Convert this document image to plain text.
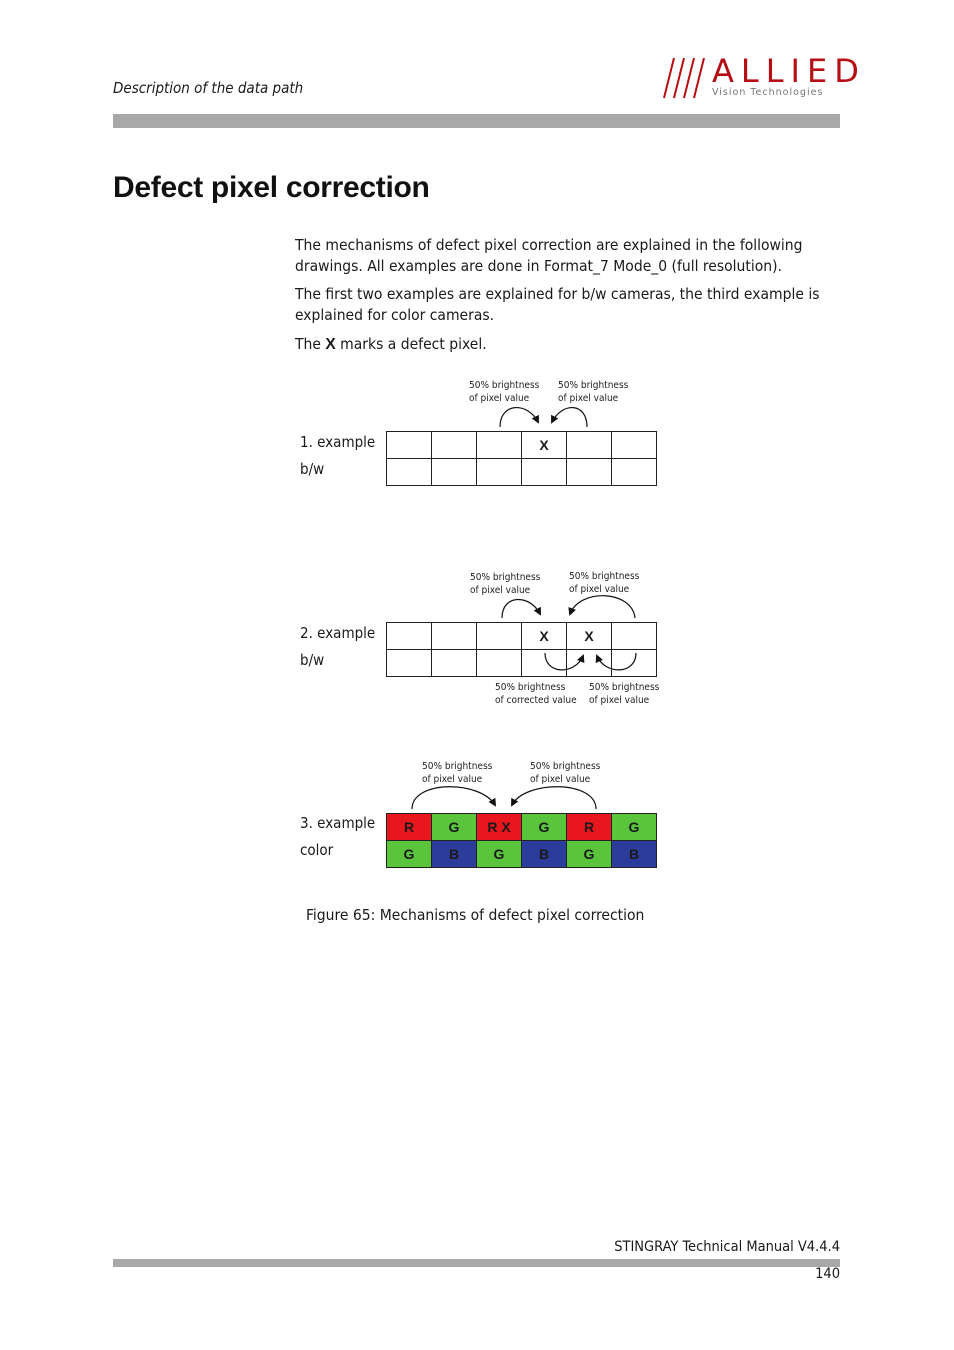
Description of the data path	ALLIED
Vision Technologies
Defect pixel correction
The mechanisms of defect pixel correction are explained in the following drawings. All examples are done in Format_7 Mode_0 (full resolution).
The first two examples are explained for b/w cameras, the third example is explained for color cameras.
The X marks a defect pixel.
50% brightness
of pixel value
50% brightness
of pixel value
1. example
b/w
			X		

50% brightness
of pixel value
50% brightness
of pixel value
2. example
b/w
			X	X	

50% brightness
of corrected value
50% brightness
of pixel value
50% brightness
of pixel value
50% brightness
of pixel value
3. example
color
R	G	R X	G	R	G
G	B	G	B	G	B
Figure 65: Mechanisms of defect pixel correction
STINGRAY Technical Manual V4.4.4
140
